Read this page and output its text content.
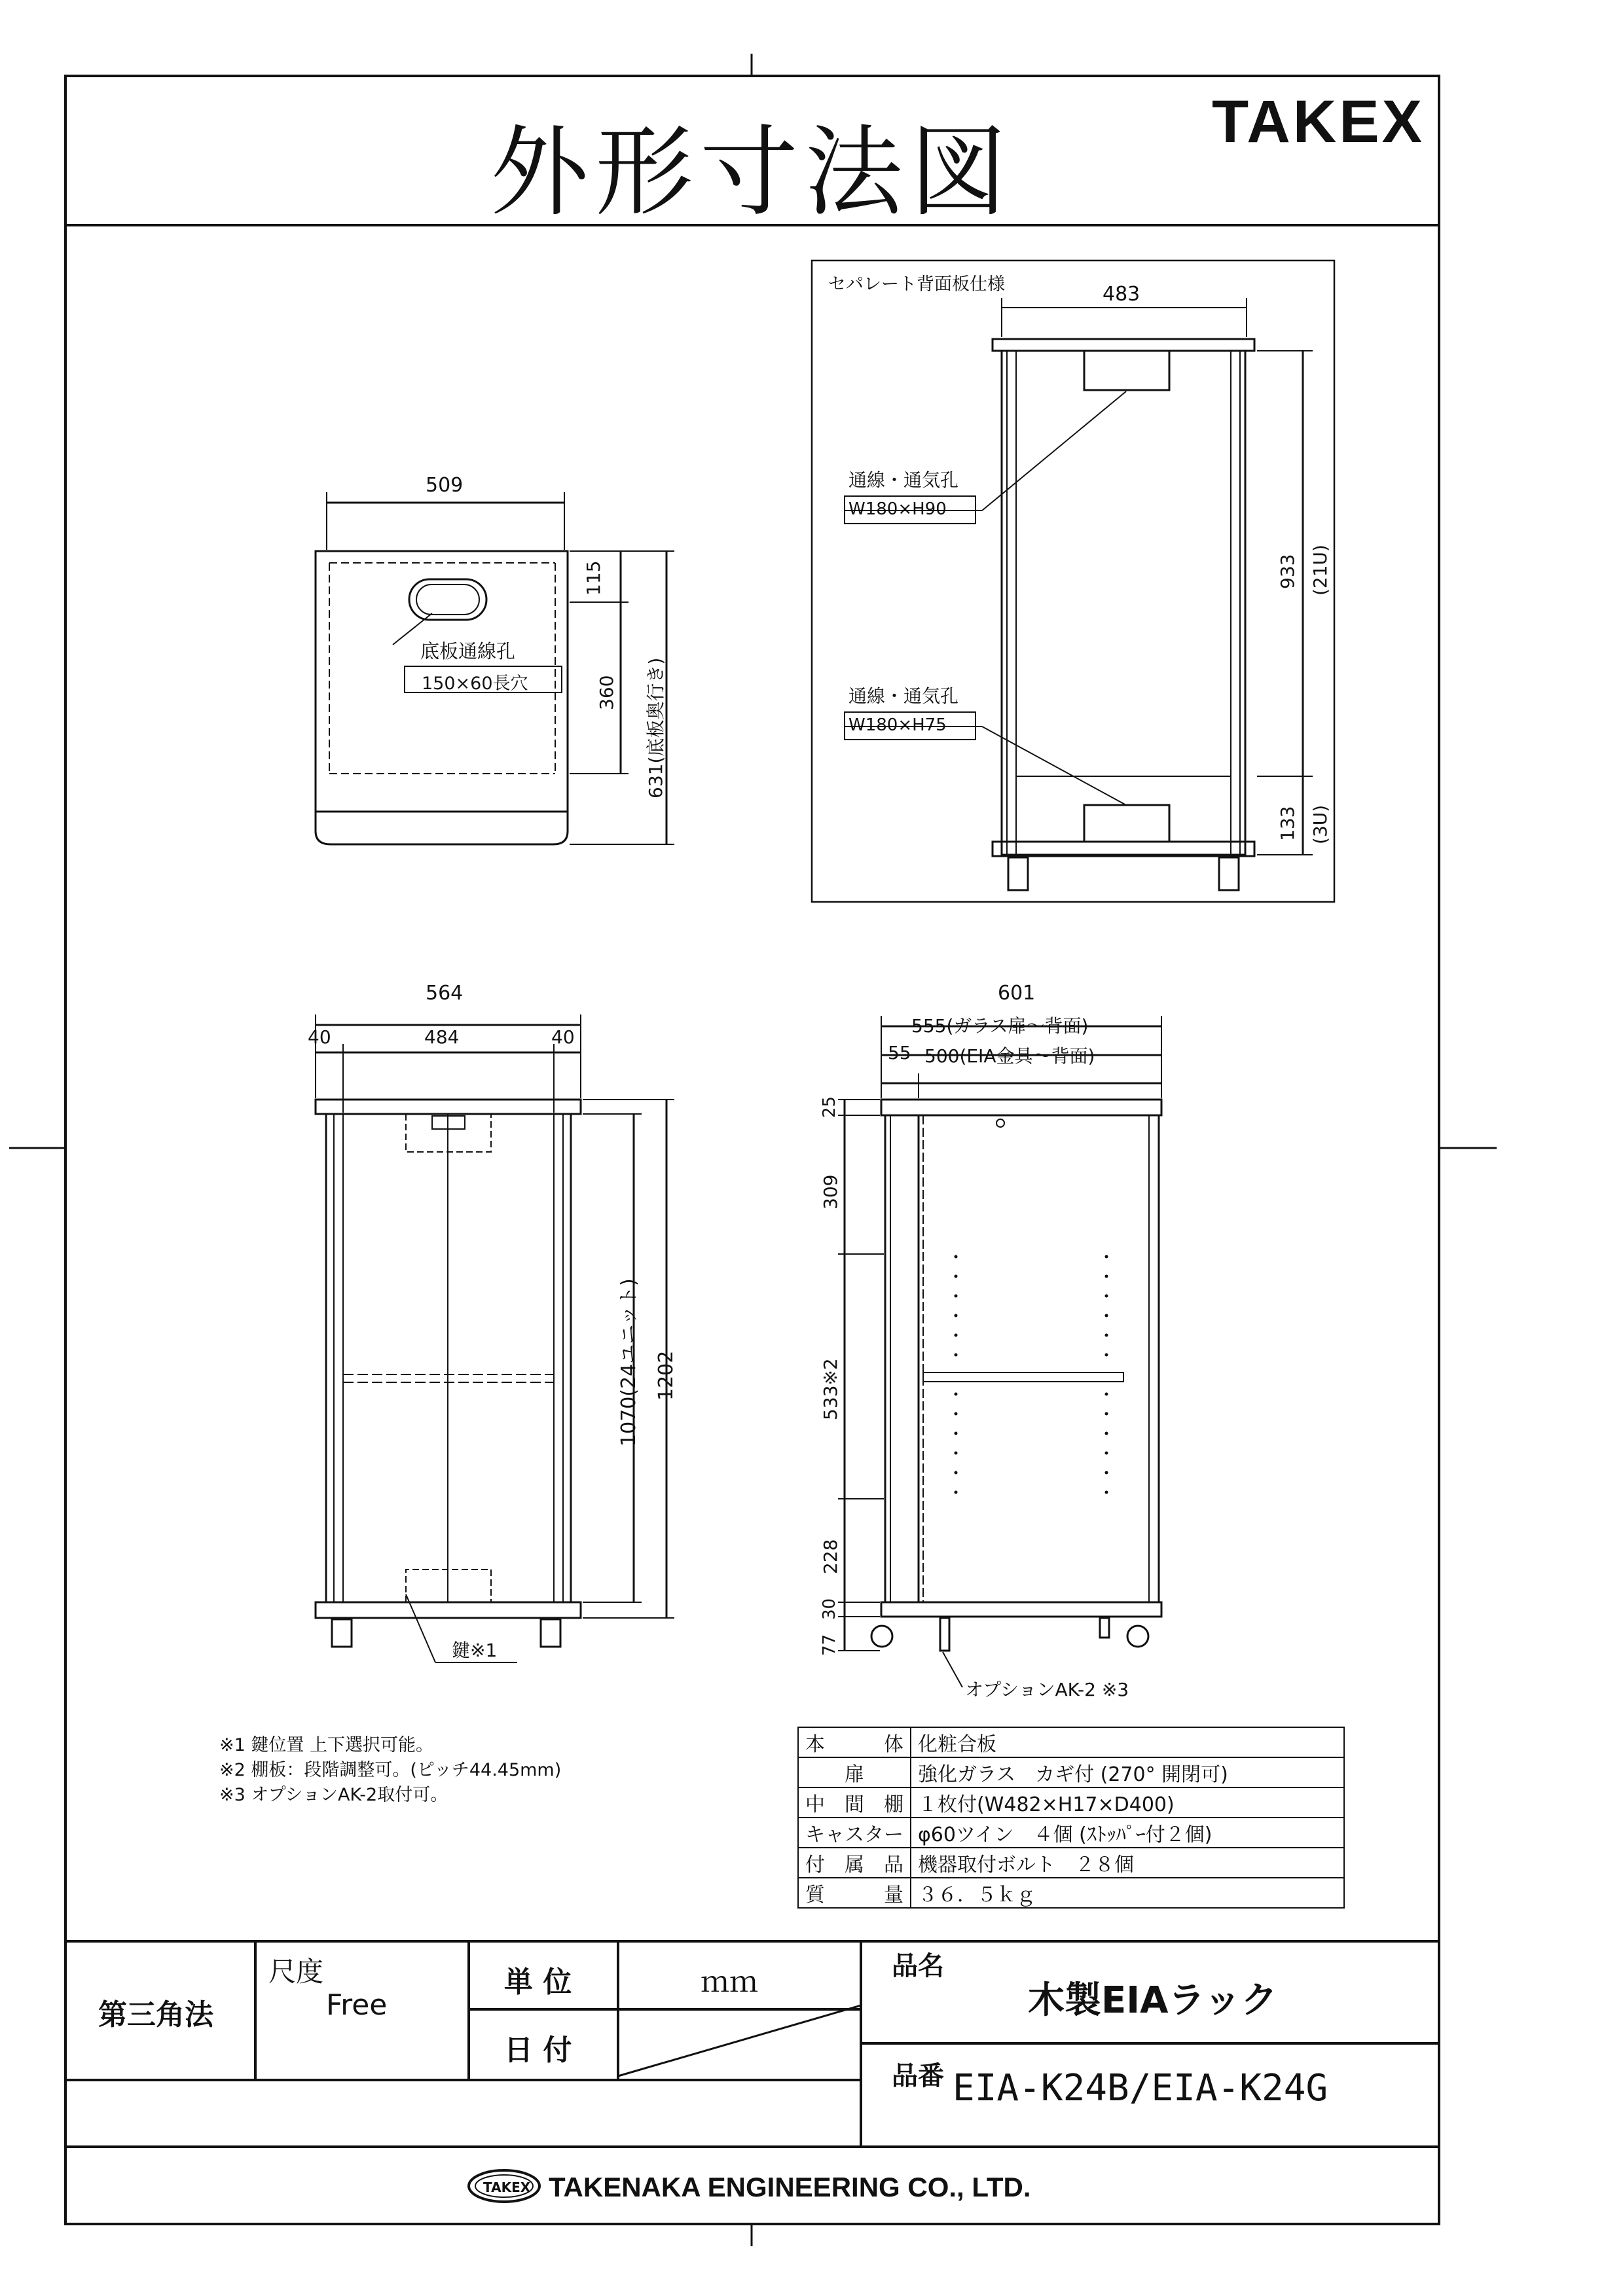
外形寸法図	TAKEX
509
115
360 631(底板奥行き)
底板通線孔
150×60長穴
セパレート背面板仕様	483
通線・通気孔
W180×H90
通線・通気孔
W180×H75
933 (21U)
133 (3U)
564
40	484	40
1070(24ユニット) 1202
鍵※1
601
555(ガラス扉～背面)
55 500(EIA金具～背面)
25
309
533※2
228
30
77
オプションAK-2 ※3
※1 鍵位置 上下選択可能。
※2 棚板：段階調整可。(ピッチ44.45mm)
※3 オプションAK-2取付可。
本体	化粧合板
扉	強化ガラス　カギ付 (270° 開閉可)
中間棚	１枚付(W482×H17×D400)
キャスター	φ60ツイン　４個 (ｽﾄｯﾊﾟｰ付２個)
付属品	機器取付ボルト　２８個
質量	３６．５ｋｇ
第三角法
尺度
Free
単 位	ｍｍ
日 付
品名
木製EIAラック
品番 EIA-K24B/EIA-K24G
TAKEX TAKENAKA ENGINEERING CO., LTD.
